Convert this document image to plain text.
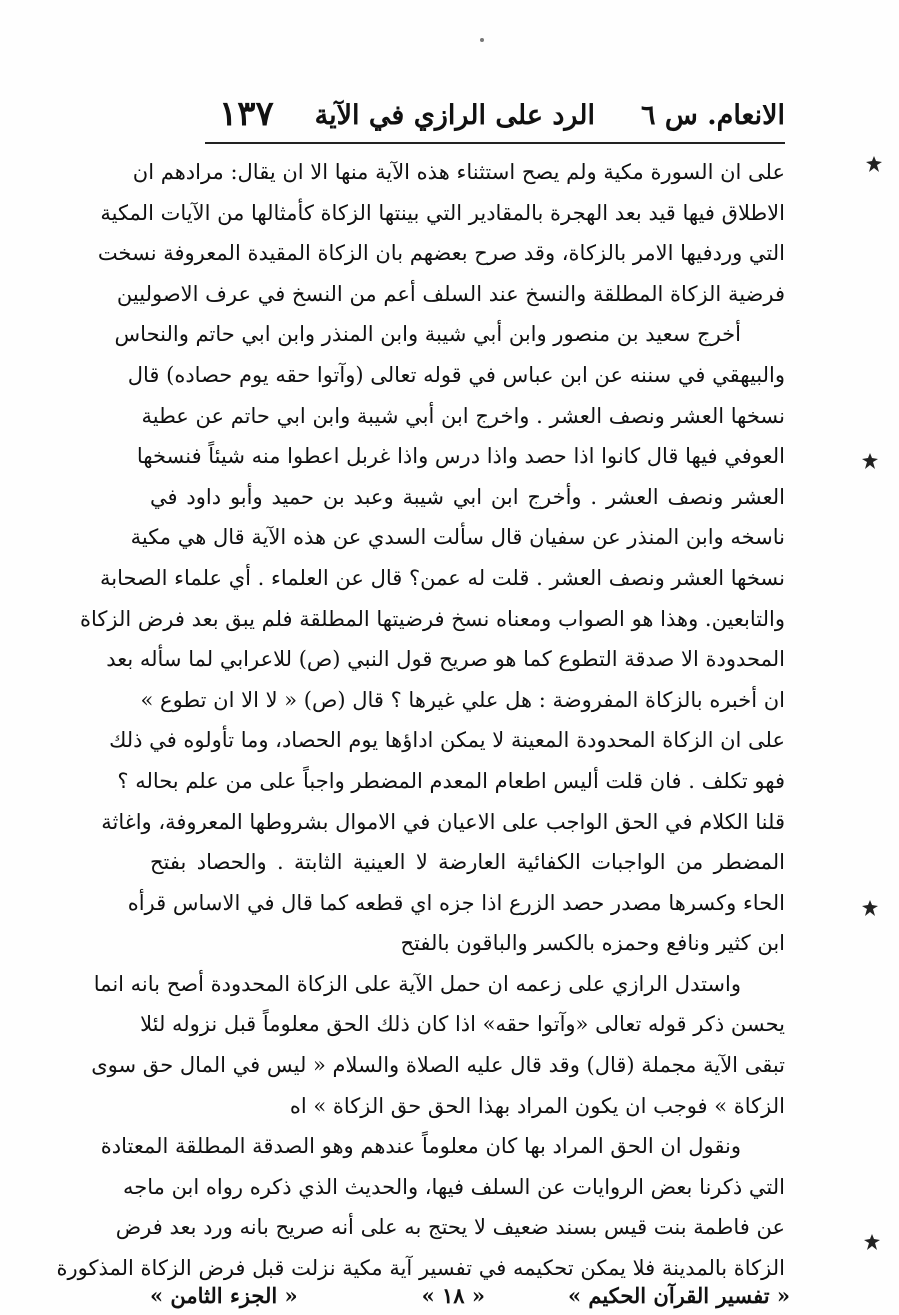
الانعام. س ٦
الرد على الرازي في الآية
١٣٧
على ان السورة مكية ولم يصح استثناء هذه الآية منها الا ان يقال: مرادهم ان
الاطلاق فيها قيد بعد الهجرة بالمقادير التي بينتها الزكاة كأمثالها من الآيات المكية
التي وردفيها الامر بالزكاة، وقد صرح بعضهم بان الزكاة المقيدة المعروفة نسخت
فرضية الزكاة المطلقة والنسخ عند السلف أعم من النسخ في عرف الاصوليين
أخرج سعيد بن منصور وابن أبي شيبة وابن المنذر وابن ابي حاتم والنحاس
والبيهقي في سننه عن ابن عباس في قوله تعالى (وآتوا حقه يوم حصاده) قال
نسخها العشر ونصف العشر . واخرج ابن أبي شيبة وابن ابي حاتم عن عطية
العوفي فيها قال كانوا اذا حصد واذا درس واذا غربل اعطوا منه شيئاً فنسخها
العشر ونصف العشر . وأخرج ابن ابي شيبة وعبد بن حميد وأبو داود في
ناسخه وابن المنذر عن سفيان قال سألت السدي عن هذه الآية قال هي مكية
نسخها العشر ونصف العشر . قلت له عمن؟ قال عن العلماء . أي علماء الصحابة
والتابعين. وهذا هو الصواب ومعناه نسخ فرضيتها المطلقة فلم يبق بعد فرض الزكاة
المحدودة الا صدقة التطوع كما هو صريح قول النبي (ص) للاعرابي لما سأله بعد
ان أخبره بالزكاة المفروضة : هل علي غيرها ؟ قال (ص) « لا الا ان تطوع »
على ان الزكاة المحدودة المعينة لا يمكن اداؤها يوم الحصاد، وما تأولوه في ذلك
فهو تكلف . فان قلت أليس اطعام المعدم المضطر واجباً على من علم بحاله ؟
قلنا الكلام في الحق الواجب على الاعيان في الاموال بشروطها المعروفة، واغاثة
المضطر من الواجبات الكفائية العارضة لا العينية الثابتة . والحصاد بفتح
الحاء وكسرها مصدر حصد الزرع اذا جزه اي قطعه كما قال في الاساس قرأه
ابن كثير ونافع وحمزه بالكسر والباقون بالفتح
واستدل الرازي على زعمه ان حمل الآية على الزكاة المحدودة أصح بانه انما
يحسن ذكر قوله تعالى «وآتوا حقه» اذا كان ذلك الحق معلوماً قبل نزوله لئلا
تبقى الآية مجملة (قال) وقد قال عليه الصلاة والسلام « ليس في المال حق سوى
الزكاة » فوجب ان يكون المراد بهذا الحق حق الزكاة » اه
ونقول ان الحق المراد بها كان معلوماً عندهم وهو الصدقة المطلقة المعتادة
التي ذكرنا بعض الروايات عن السلف فيها، والحديث الذي ذكره رواه ابن ماجه
عن فاطمة بنت قيس بسند ضعيف لا يحتج به على أنه صريح بانه ورد بعد فرض
الزكاة بالمدينة فلا يمكن تحكيمه في تفسير آية مكية نزلت قبل فرض الزكاة المذكورة
« تفسير القرآن الحكيم »
« ١٨ »
« الجزء الثامن »
